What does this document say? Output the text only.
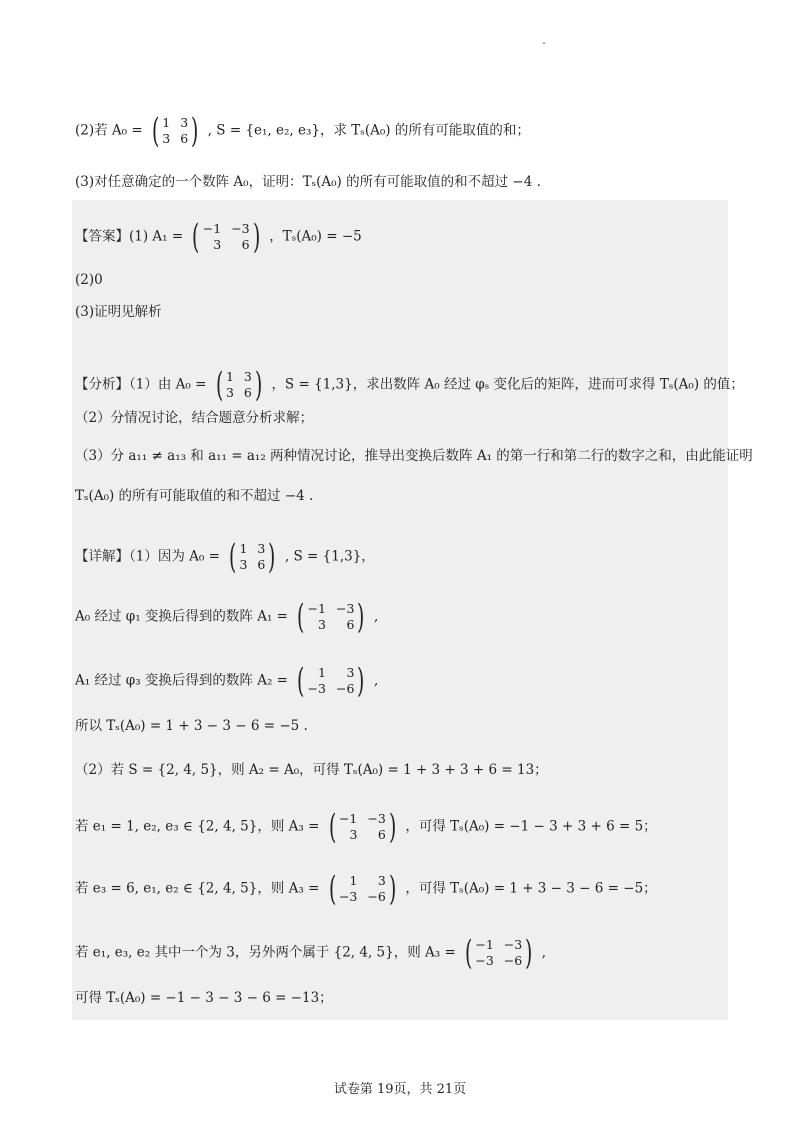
(2)若 A₀ = ( 1 3
3 6 ) , S = {e₁, e₂, e₃}，求 Tₛ(A₀) 的所有可能取值的和；
(3)对任意确定的一个数阵 A₀，证明：Tₛ(A₀) 的所有可能取值的和不超过 −4 .
【答案】(1) A₁ = ( −1 −3
3	6 ) ，Tₛ(A₀) = −5
(2)0
(3)证明见解析
【分析】（1）由 A₀ = ( 1 3
3 6 ) ，S = {1,3}，求出数阵 A₀ 经过 φₛ 变化后的矩阵，进而可求得 Tₛ(A₀) 的值；
（2）分情况讨论，结合题意分析求解；
（3）分 a₁₁ ≠ a₁₃ 和 a₁₁ = a₁₂ 两种情况讨论，推导出变换后数阵 A₁ 的第一行和第二行的数字之和，由此能证明
Tₛ(A₀) 的所有可能取值的和不超过 −4 .
【详解】（1）因为 A₀ = ( 1 3
3 6 ) , S = {1,3}，
A₀ 经过 φ₁ 变换后得到的数阵 A₁ = ( −1 −3
3	6 ) ,
A₁ 经过 φ₃ 变换后得到的数阵 A₂ = (	1	3
−3 −6 ) ,
所以 Tₛ(A₀) = 1 + 3 − 3 − 6 = −5 .
（2）若 S = {2, 4, 5}，则 A₂ = A₀，可得 Tₛ(A₀) = 1 + 3 + 3 + 6 = 13；
若 e₁ = 1, e₂, e₃ ∈ {2, 4, 5}，则 A₃ = ( −1 −3
3	6 ) ，可得 Tₛ(A₀) = −1 − 3 + 3 + 6 = 5；
若 e₃ = 6, e₁, e₂ ∈ {2, 4, 5}，则 A₃ = (	1	3
−3 −6 ) ，可得 Tₛ(A₀) = 1 + 3 − 3 − 6 = −5；
若 e₁, e₃, e₂ 其中一个为 3，另外两个属于 {2, 4, 5}，则 A₃ = ( −1 −3
−3 −6 ) ,
可得 Tₛ(A₀) = −1 − 3 − 3 − 6 = −13；
试卷第 19页，共 21页
